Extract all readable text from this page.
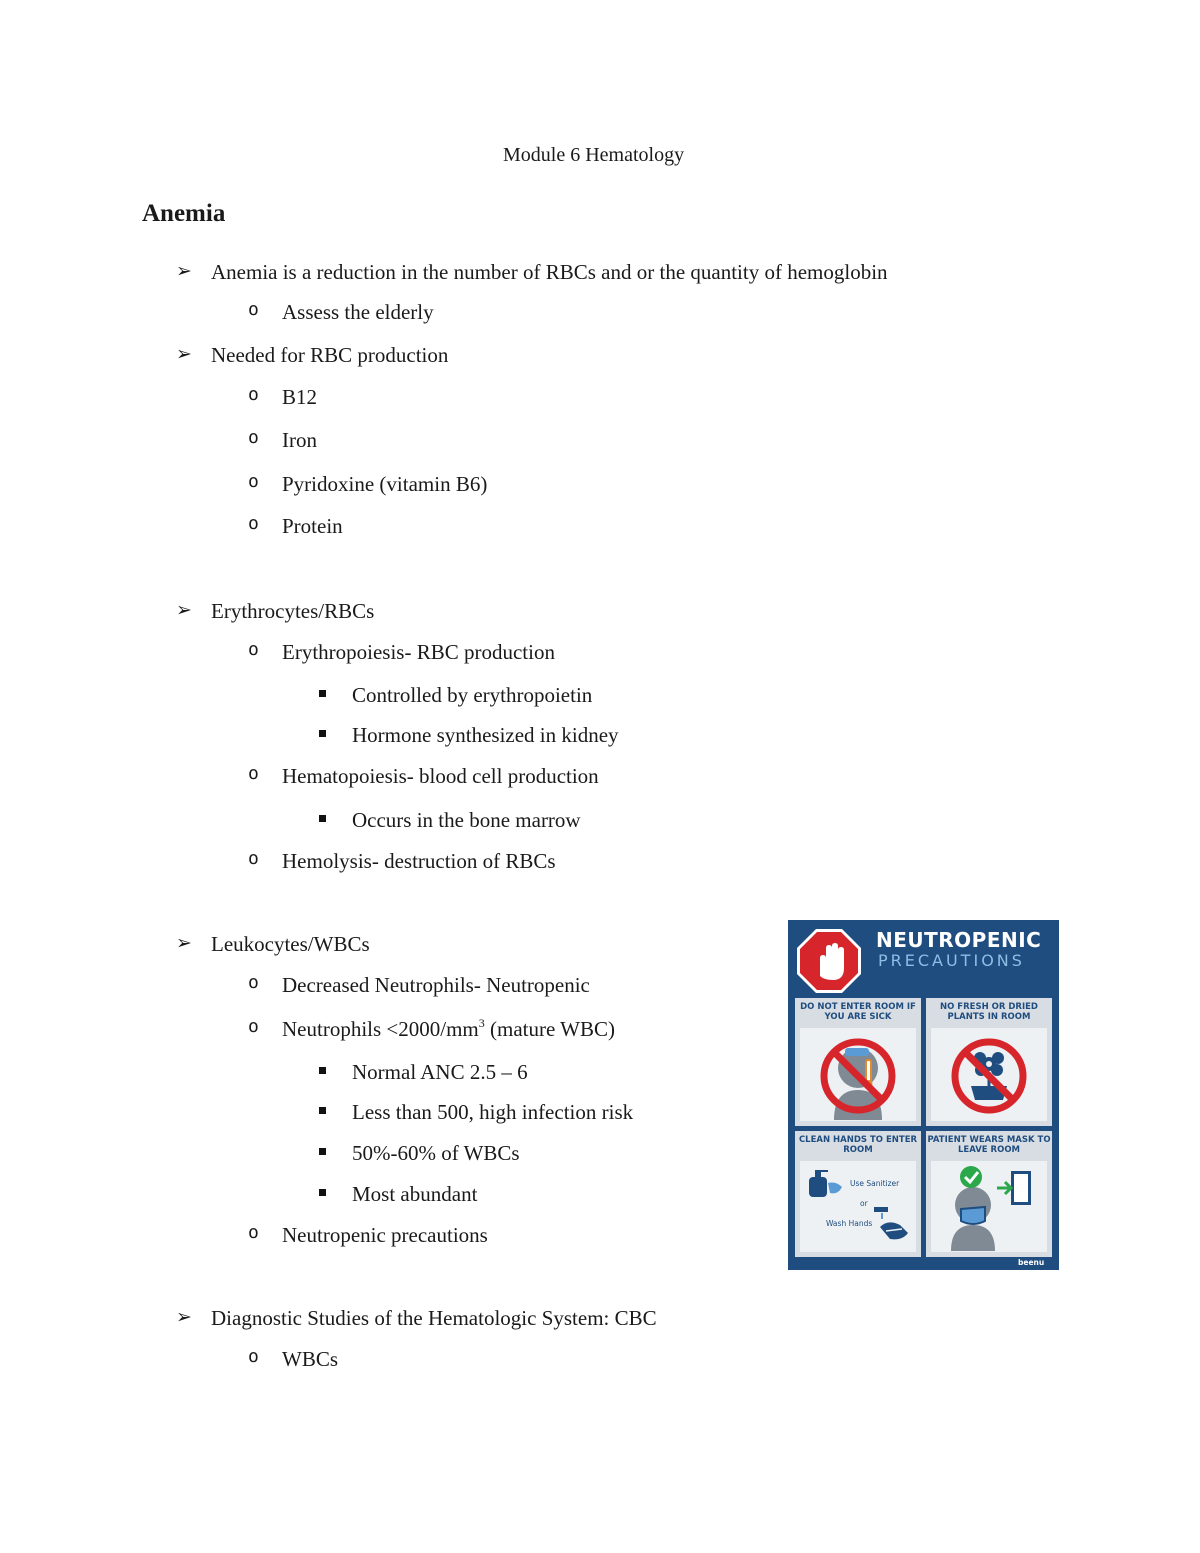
Module 6 Hematology
Anemia
➢ Anemia is a reduction in the number of RBCs and or the quantity of hemoglobin
o Assess the elderly
➢ Needed for RBC production
o B12
o Iron
o Pyridoxine (vitamin B6)
o Protein
➢ Erythrocytes/RBCs
o Erythropoiesis- RBC production
Controlled by erythropoietin
Hormone synthesized in kidney
o Hematopoiesis- blood cell production
Occurs in the bone marrow
o Hemolysis- destruction of RBCs
➢ Leukocytes/WBCs
o Decreased Neutrophils- Neutropenic
o Neutrophils $<2000/mm^3$ (mature WBC)
Normal ANC 2.5 – 6
Less than 500, high infection risk
50%-60% of WBCs
Most abundant
o Neutropenic precautions
➢ Diagnostic Studies of the Hematologic System: CBC
o WBCs
NEUTROPENIC
PRECAUTIONS
DO NOT ENTER ROOM IF YOU ARE SICK
NO FRESH OR DRIED PLANTS IN ROOM
CLEAN HANDS TO ENTER ROOM
Use Sanitizer
or
Wash Hands
PATIENT WEARS MASK TO LEAVE ROOM
beenu
